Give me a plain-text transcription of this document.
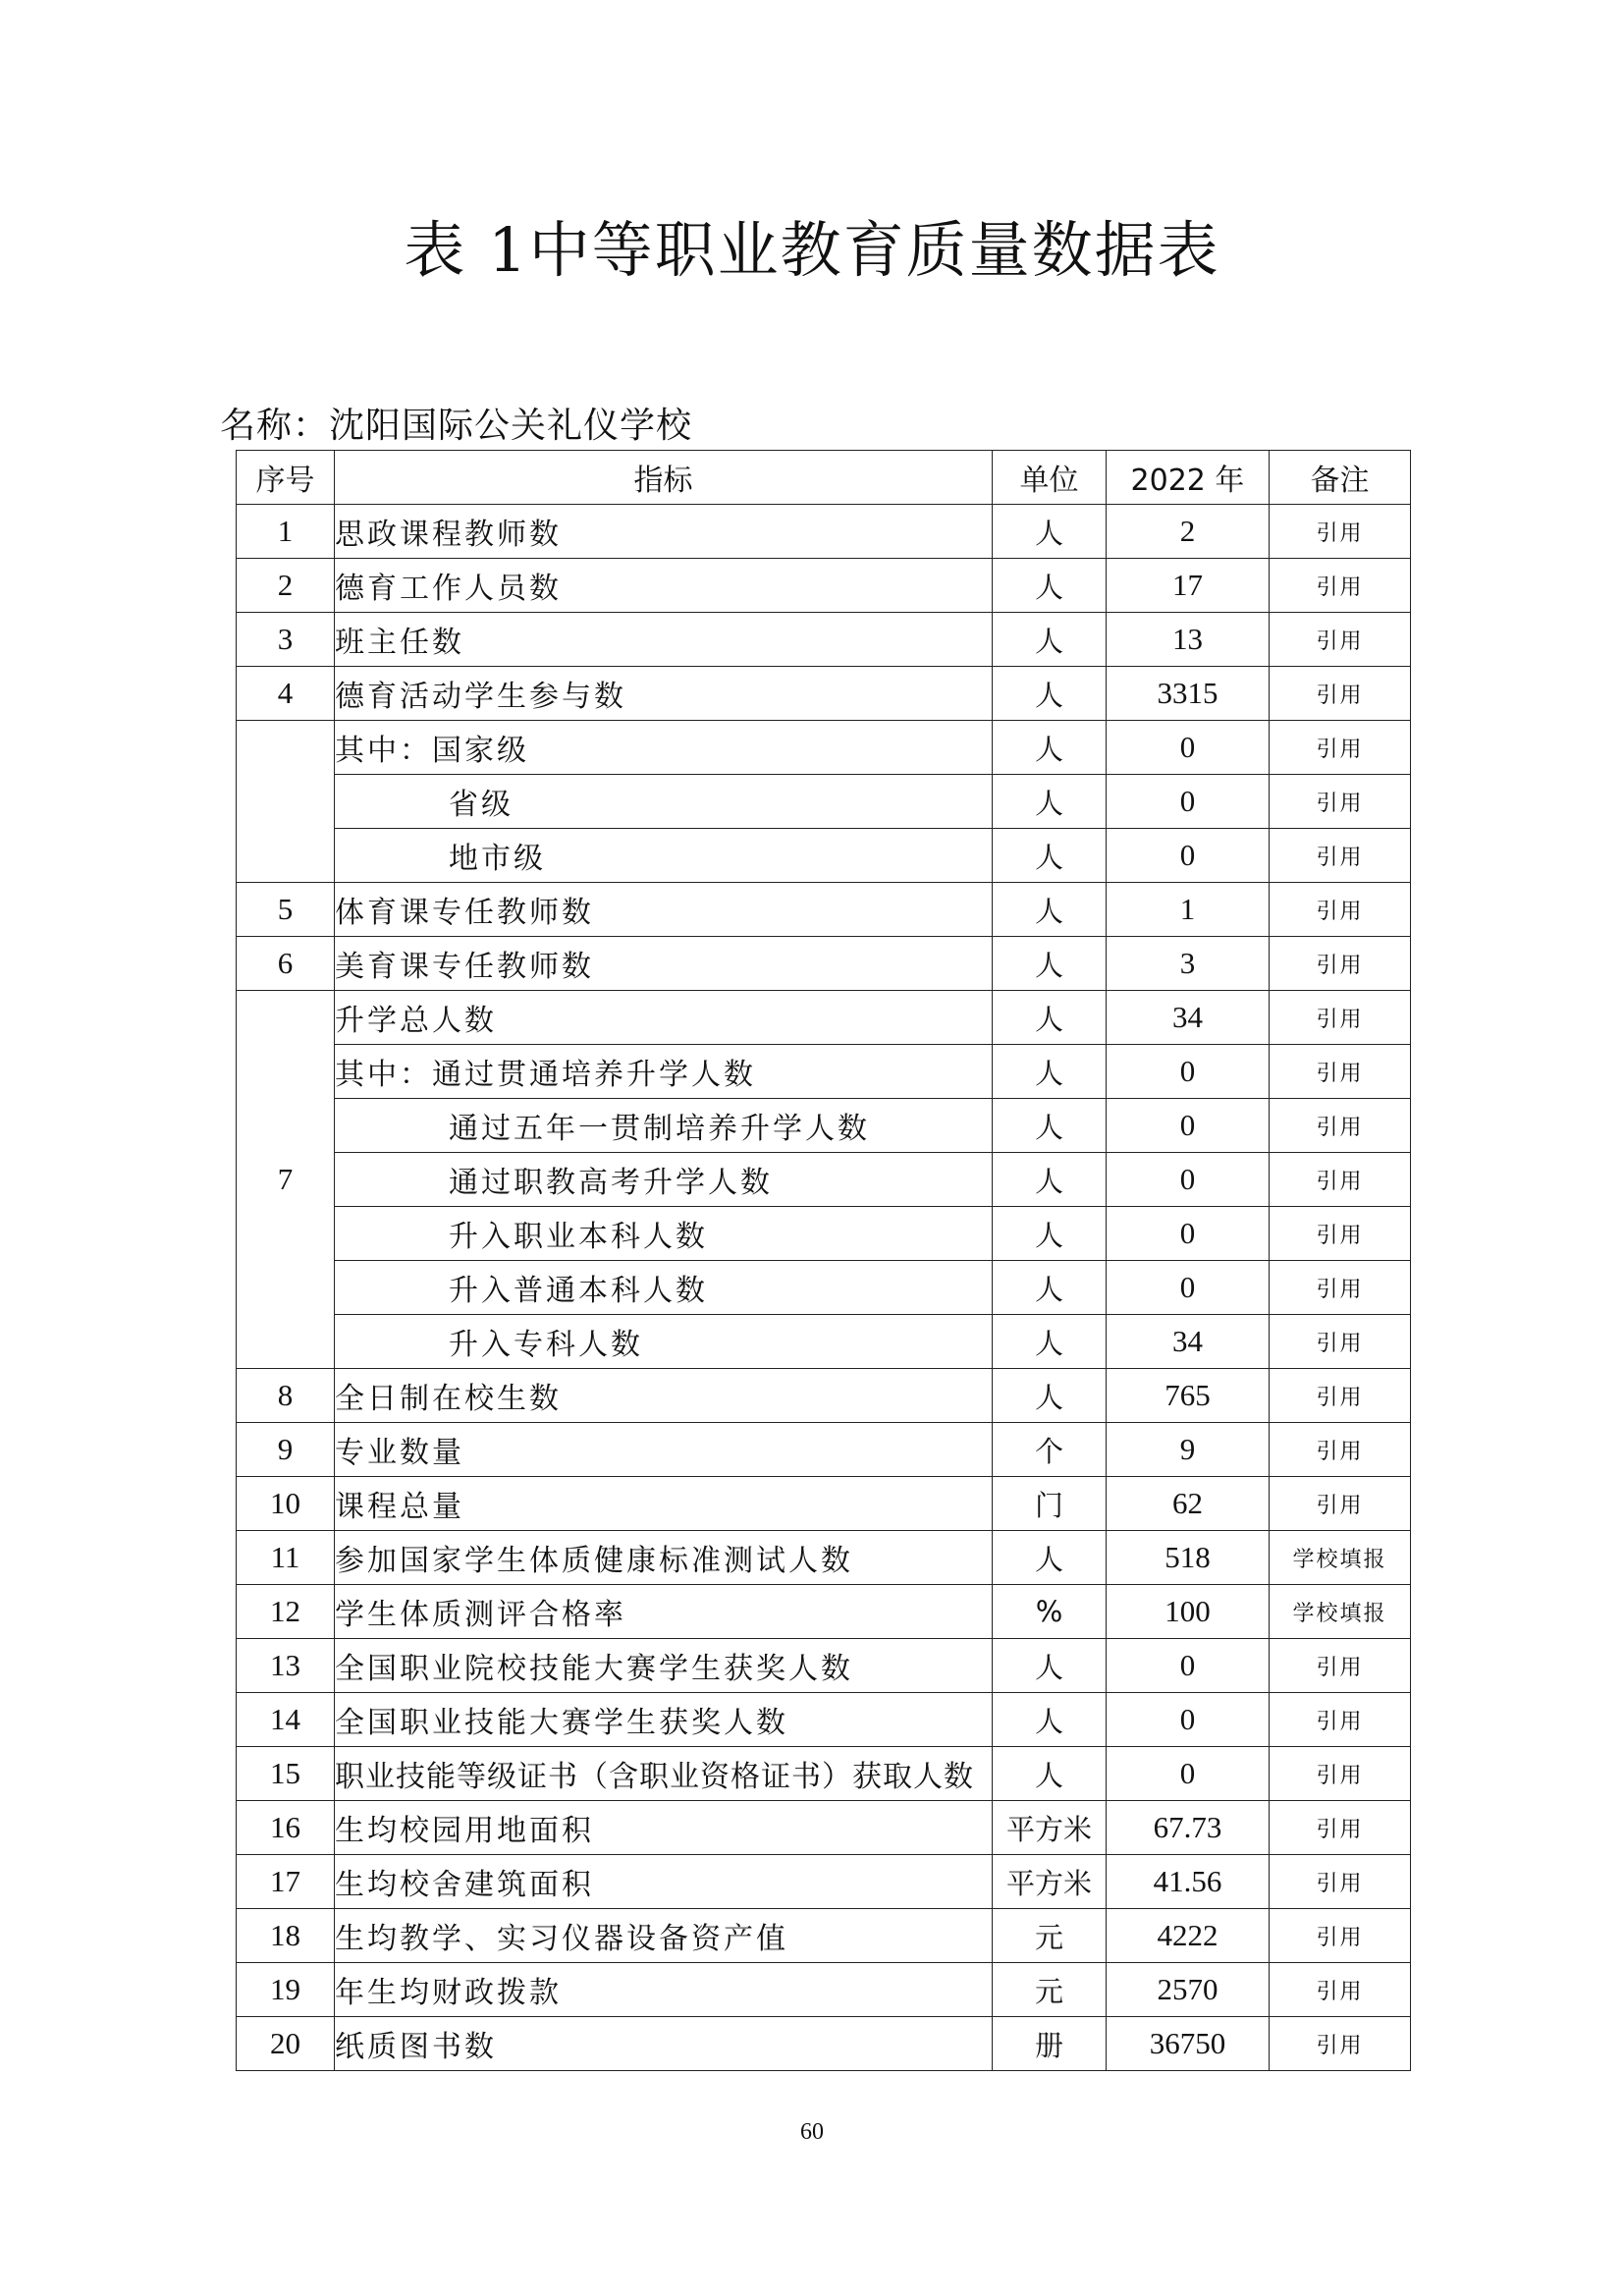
表 1中等职业教育质量数据表
名称：沈阳国际公关礼仪学校
序号	指标	单位	2022 年	备注
1	思政课程教师数	人	2	引用
2	德育工作人员数	人	17	引用
3	班主任数	人	13	引用
4	德育活动学生参与数	人	3315	引用
	其中：国家级	人	0	引用
	省级	人	0	引用
	地市级	人	0	引用
5	体育课专任教师数	人	1	引用
6	美育课专任教师数	人	3	引用
7	升学总人数	人	34	引用
	其中：通过贯通培养升学人数	人	0	引用
	通过五年一贯制培养升学人数	人	0	引用
	通过职教高考升学人数	人	0	引用
	升入职业本科人数	人	0	引用
	升入普通本科人数	人	0	引用
	升入专科人数	人	34	引用
8	全日制在校生数	人	765	引用
9	专业数量	个	9	引用
10	课程总量	门	62	引用
11	参加国家学生体质健康标准测试人数	人	518	学校填报
12	学生体质测评合格率	%	100	学校填报
13	全国职业院校技能大赛学生获奖人数	人	0	引用
14	全国职业技能大赛学生获奖人数	人	0	引用
15	职业技能等级证书（含职业资格证书）获取人数	人	0	引用
16	生均校园用地面积	平方米	67.73	引用
17	生均校舍建筑面积	平方米	41.56	引用
18	生均教学、实习仪器设备资产值	元	4222	引用
19	年生均财政拨款	元	2570	引用
20	纸质图书数	册	36750	引用
60
